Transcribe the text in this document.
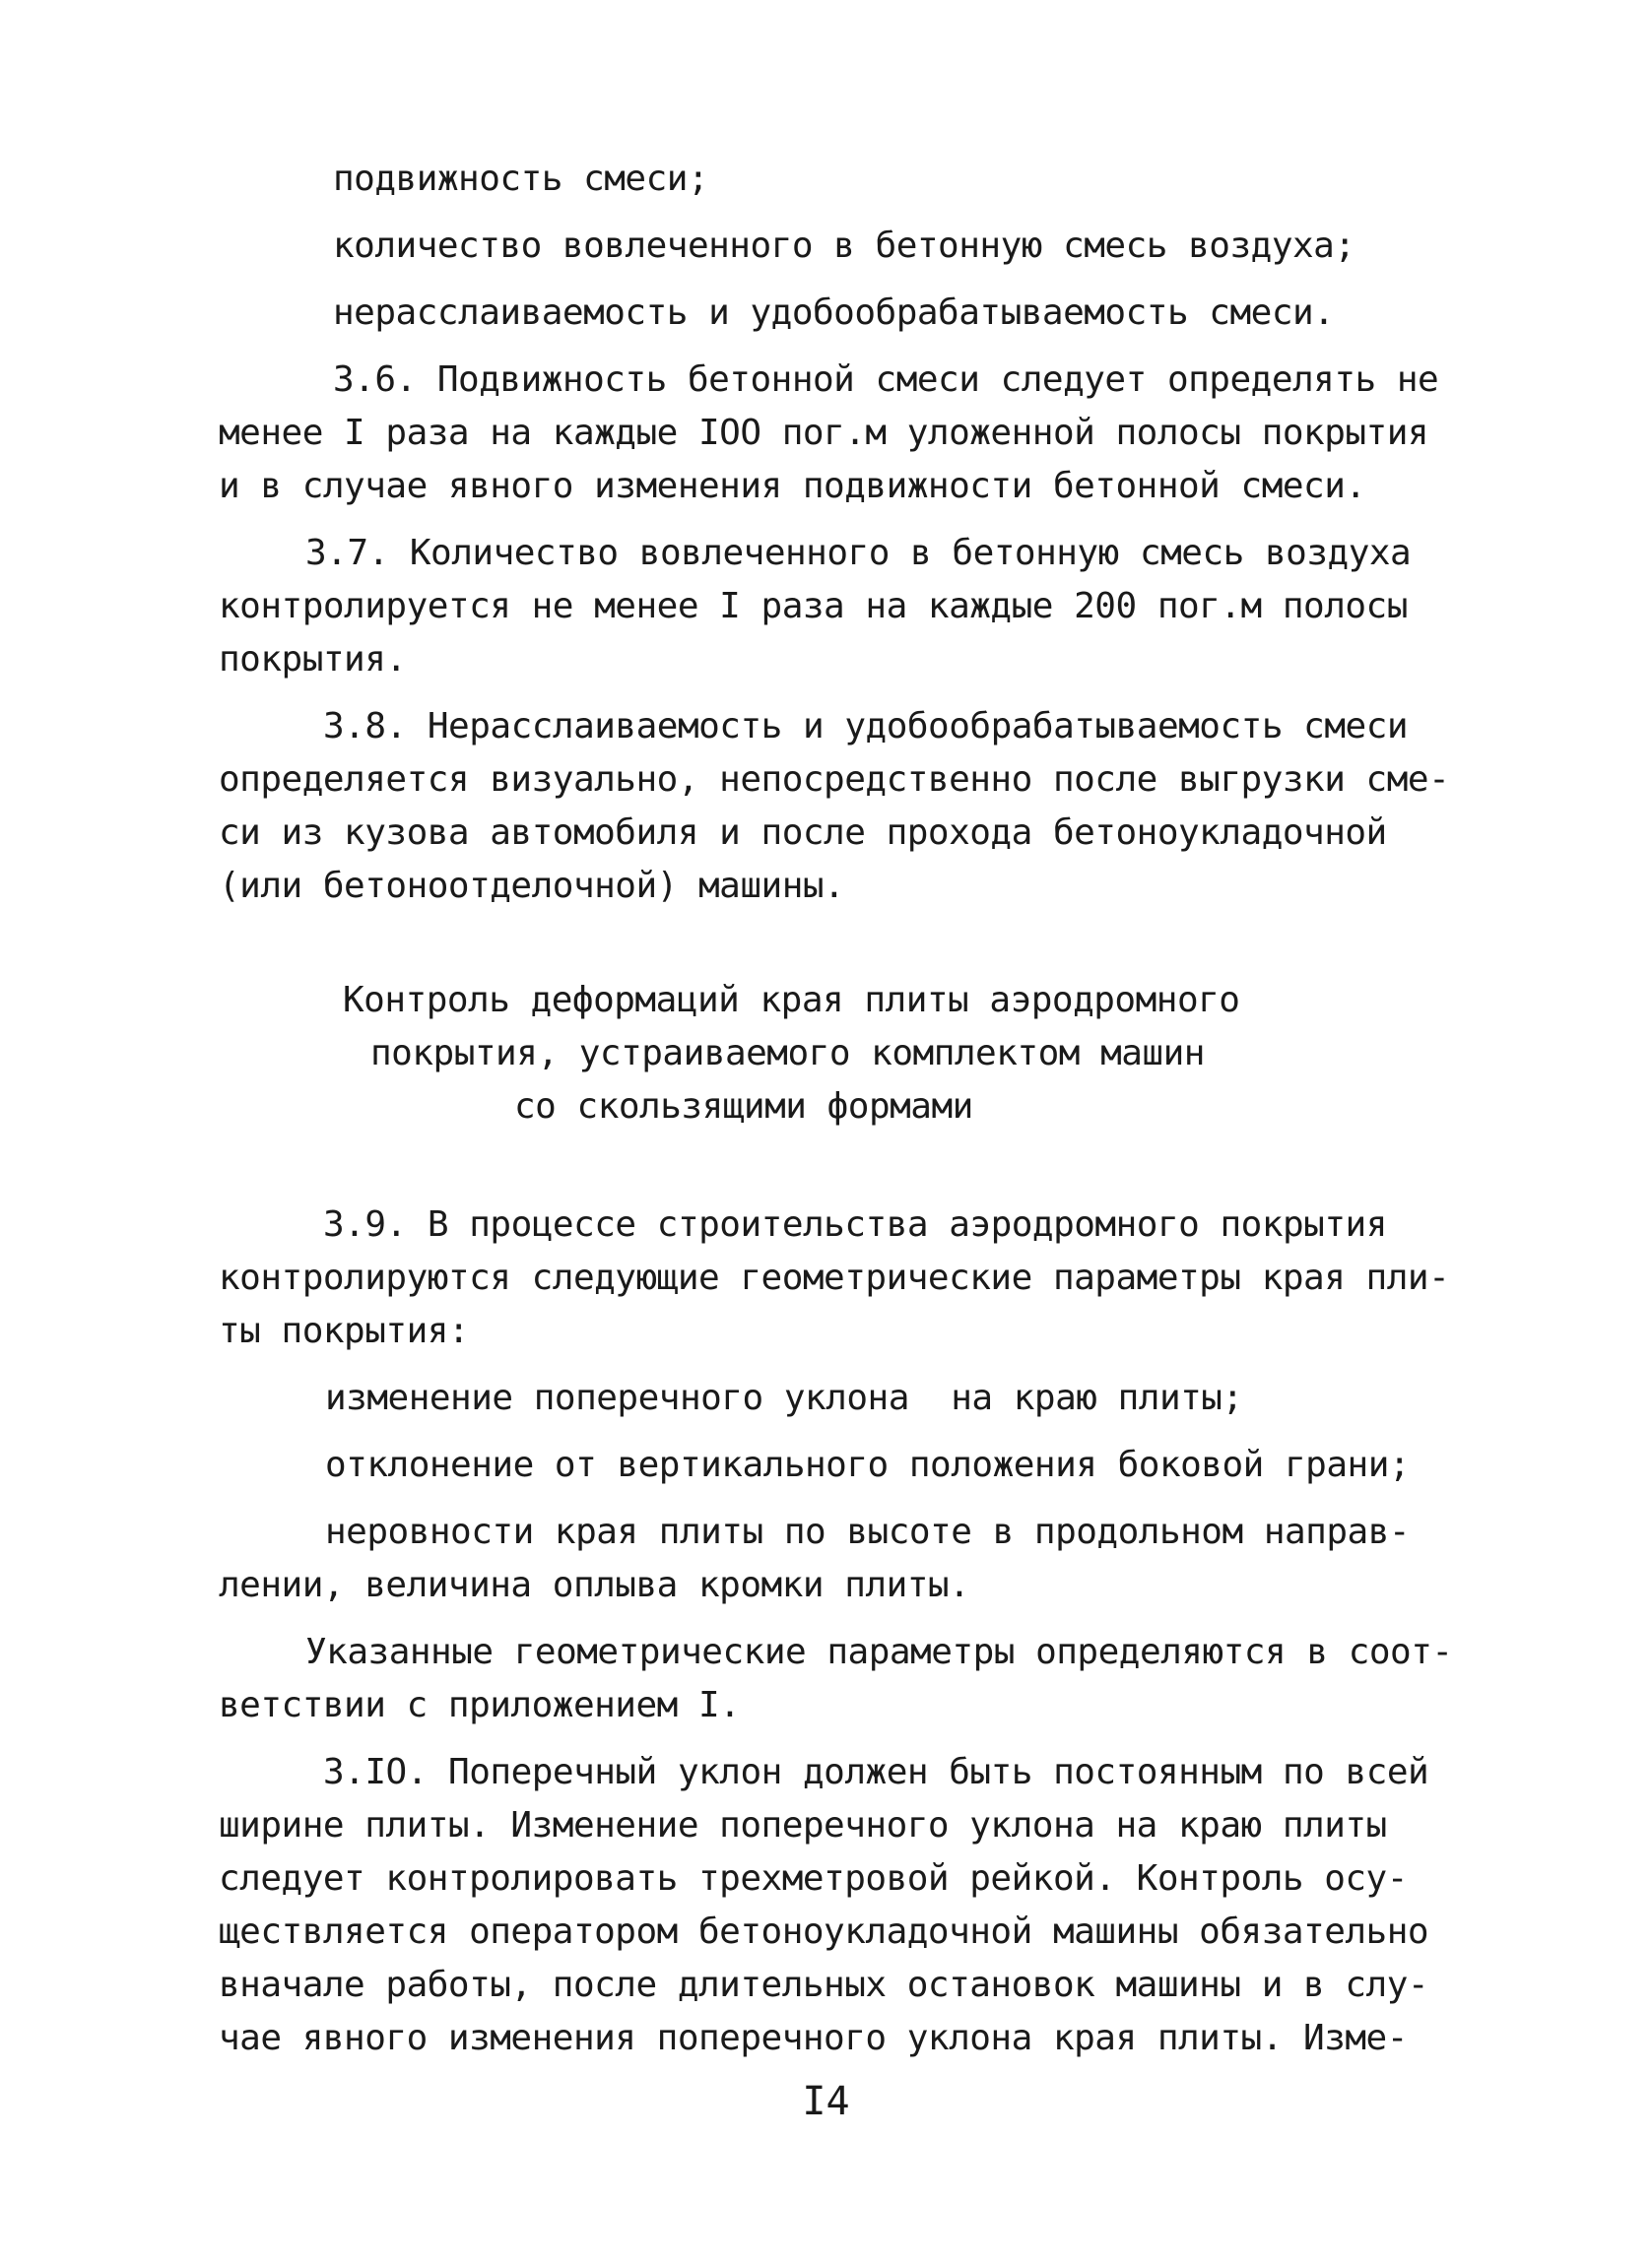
подвижность смеси;
количество вовлеченного в бетонную смесь воздуха;
нерасслаиваемость и удобообрабатываемость смеси.
3.6. Подвижность бетонной смеси следует определять не
менее I раза на каждые IOO пог.м уложенной полосы покрытия
и в случае явного изменения подвижности бетонной смеси.
3.7. Количество вовлеченного в бетонную смесь воздуха
контролируется не менее I раза на каждые 200 пог.м полосы
покрытия.
3.8. Нерасслаиваемость и удобообрабатываемость смеси
определяется визуально, непосредственно после выгрузки сме-
си из кузова автомобиля и после прохода бетоноукладочной
(или бетоноотделочной) машины.
Контроль деформаций края плиты аэродромного
покрытия, устраиваемого комплектом машин
со скользящими формами
3.9. В процессе строительства аэродромного покрытия
контролируются следующие геометрические параметры края пли-
ты покрытия:
изменение поперечного уклона  на краю плиты;
отклонение от вертикального положения боковой грани;
неровности края плиты по высоте в продольном направ-
лении, величина оплыва кромки плиты.
Указанные геометрические параметры определяются в соот-
ветствии с приложением I.
3.IO. Поперечный уклон должен быть постоянным по всей
ширине плиты. Изменение поперечного уклона на краю плиты
следует контролировать трехметровой рейкой. Контроль осу-
ществляется оператором бетоноукладочной машины обязательно
вначале работы, после длительных остановок машины и в слу-
чае явного изменения поперечного уклона края плиты. Изме-
I4
